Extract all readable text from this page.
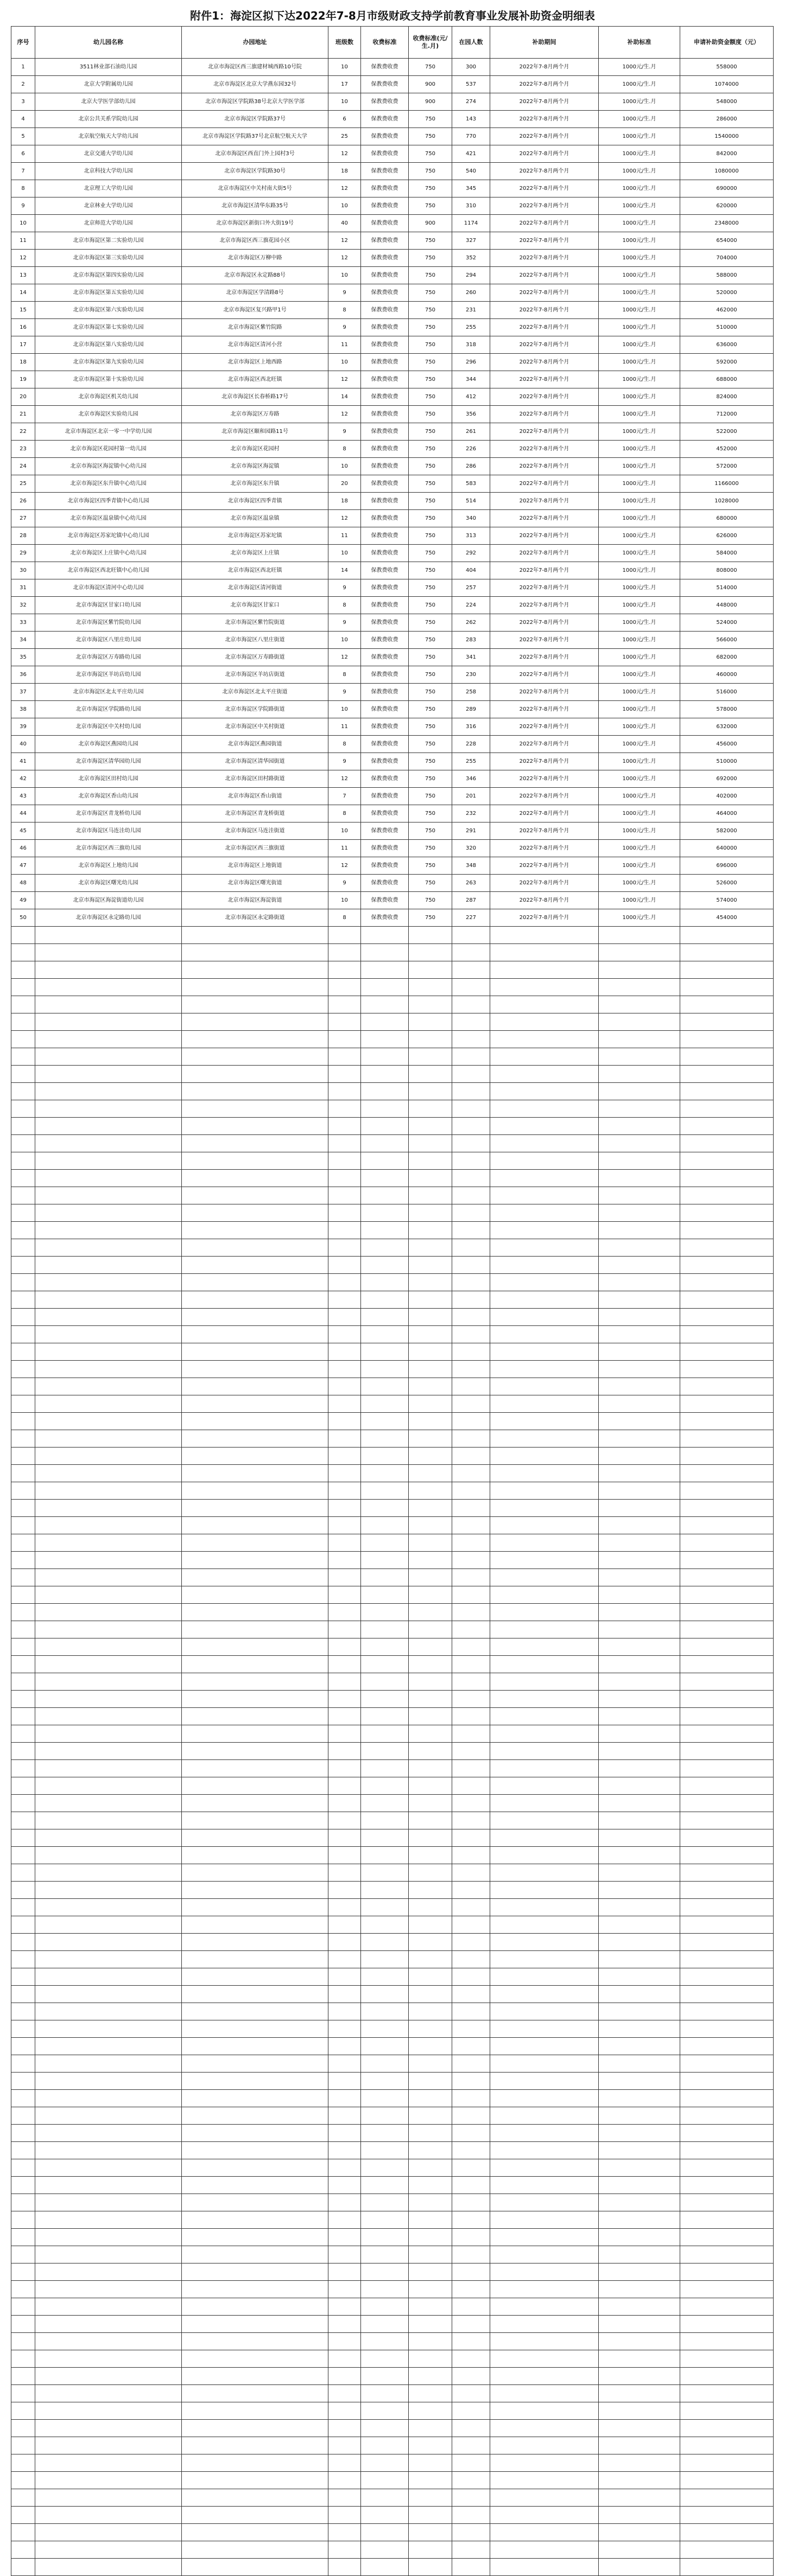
附件1：海淀区拟下达2022年7-8月市级财政支持学前教育事业发展补助资金明细表
序号	幼儿园名称	办园地址	班级数	收费标准	收费标准(元/生.月)	在园人数	补助期间	补助标准	申请补助资金额度（元）
1	3511林业部石油幼儿园	北京市海淀区西三旗建材城西路10号院	10	保教费收费	750	300	2022年7-8月两个月	1000元/生.月	558000
2	北京大学附属幼儿园	北京市海淀区北京大学燕东园32号	17	保教费收费	900	537	2022年7-8月两个月	1000元/生.月	1074000
3	北京大学医学部幼儿园	北京市海淀区学院路38号北京大学医学部	10	保教费收费	900	274	2022年7-8月两个月	1000元/生.月	548000
4	北京公共关系学院幼儿园	北京市海淀区学院路37号	6	保教费收费	750	143	2022年7-8月两个月	1000元/生.月	286000
5	北京航空航天大学幼儿园	北京市海淀区学院路37号北京航空航天大学	25	保教费收费	750	770	2022年7-8月两个月	1000元/生.月	1540000
6	北京交通大学幼儿园	北京市海淀区西直门外上园村3号	12	保教费收费	750	421	2022年7-8月两个月	1000元/生.月	842000
7	北京科技大学幼儿园	北京市海淀区学院路30号	18	保教费收费	750	540	2022年7-8月两个月	1000元/生.月	1080000
8	北京理工大学幼儿园	北京市海淀区中关村南大街5号	12	保教费收费	750	345	2022年7-8月两个月	1000元/生.月	690000
9	北京林业大学幼儿园	北京市海淀区清华东路35号	10	保教费收费	750	310	2022年7-8月两个月	1000元/生.月	620000
10	北京师范大学幼儿园	北京市海淀区新街口外大街19号	40	保教费收费	900	1174	2022年7-8月两个月	1000元/生.月	2348000
11	北京市海淀区第二实验幼儿园	北京市海淀区西三旗花园小区	12	保教费收费	750	327	2022年7-8月两个月	1000元/生.月	654000
12	北京市海淀区第三实验幼儿园	北京市海淀区万柳中路	12	保教费收费	750	352	2022年7-8月两个月	1000元/生.月	704000
13	北京市海淀区第四实验幼儿园	北京市海淀区永定路88号	10	保教费收费	750	294	2022年7-8月两个月	1000元/生.月	588000
14	北京市海淀区第五实验幼儿园	北京市海淀区学清路8号	9	保教费收费	750	260	2022年7-8月两个月	1000元/生.月	520000
15	北京市海淀区第六实验幼儿园	北京市海淀区复兴路甲1号	8	保教费收费	750	231	2022年7-8月两个月	1000元/生.月	462000
16	北京市海淀区第七实验幼儿园	北京市海淀区紫竹院路	9	保教费收费	750	255	2022年7-8月两个月	1000元/生.月	510000
17	北京市海淀区第八实验幼儿园	北京市海淀区清河小营	11	保教费收费	750	318	2022年7-8月两个月	1000元/生.月	636000
18	北京市海淀区第九实验幼儿园	北京市海淀区上地西路	10	保教费收费	750	296	2022年7-8月两个月	1000元/生.月	592000
19	北京市海淀区第十实验幼儿园	北京市海淀区西北旺镇	12	保教费收费	750	344	2022年7-8月两个月	1000元/生.月	688000
20	北京市海淀区机关幼儿园	北京市海淀区长春桥路17号	14	保教费收费	750	412	2022年7-8月两个月	1000元/生.月	824000
21	北京市海淀区实验幼儿园	北京市海淀区万寿路	12	保教费收费	750	356	2022年7-8月两个月	1000元/生.月	712000
22	北京市海淀区北京一零一中学幼儿园	北京市海淀区颐和园路11号	9	保教费收费	750	261	2022年7-8月两个月	1000元/生.月	522000
23	北京市海淀区花园村第一幼儿园	北京市海淀区花园村	8	保教费收费	750	226	2022年7-8月两个月	1000元/生.月	452000
24	北京市海淀区海淀镇中心幼儿园	北京市海淀区海淀镇	10	保教费收费	750	286	2022年7-8月两个月	1000元/生.月	572000
25	北京市海淀区东升镇中心幼儿园	北京市海淀区东升镇	20	保教费收费	750	583	2022年7-8月两个月	1000元/生.月	1166000
26	北京市海淀区四季青镇中心幼儿园	北京市海淀区四季青镇	18	保教费收费	750	514	2022年7-8月两个月	1000元/生.月	1028000
27	北京市海淀区温泉镇中心幼儿园	北京市海淀区温泉镇	12	保教费收费	750	340	2022年7-8月两个月	1000元/生.月	680000
28	北京市海淀区苏家坨镇中心幼儿园	北京市海淀区苏家坨镇	11	保教费收费	750	313	2022年7-8月两个月	1000元/生.月	626000
29	北京市海淀区上庄镇中心幼儿园	北京市海淀区上庄镇	10	保教费收费	750	292	2022年7-8月两个月	1000元/生.月	584000
30	北京市海淀区西北旺镇中心幼儿园	北京市海淀区西北旺镇	14	保教费收费	750	404	2022年7-8月两个月	1000元/生.月	808000
31	北京市海淀区清河中心幼儿园	北京市海淀区清河街道	9	保教费收费	750	257	2022年7-8月两个月	1000元/生.月	514000
32	北京市海淀区甘家口幼儿园	北京市海淀区甘家口	8	保教费收费	750	224	2022年7-8月两个月	1000元/生.月	448000
33	北京市海淀区紫竹院幼儿园	北京市海淀区紫竹院街道	9	保教费收费	750	262	2022年7-8月两个月	1000元/生.月	524000
34	北京市海淀区八里庄幼儿园	北京市海淀区八里庄街道	10	保教费收费	750	283	2022年7-8月两个月	1000元/生.月	566000
35	北京市海淀区万寿路幼儿园	北京市海淀区万寿路街道	12	保教费收费	750	341	2022年7-8月两个月	1000元/生.月	682000
36	北京市海淀区羊坊店幼儿园	北京市海淀区羊坊店街道	8	保教费收费	750	230	2022年7-8月两个月	1000元/生.月	460000
37	北京市海淀区北太平庄幼儿园	北京市海淀区北太平庄街道	9	保教费收费	750	258	2022年7-8月两个月	1000元/生.月	516000
38	北京市海淀区学院路幼儿园	北京市海淀区学院路街道	10	保教费收费	750	289	2022年7-8月两个月	1000元/生.月	578000
39	北京市海淀区中关村幼儿园	北京市海淀区中关村街道	11	保教费收费	750	316	2022年7-8月两个月	1000元/生.月	632000
40	北京市海淀区燕园幼儿园	北京市海淀区燕园街道	8	保教费收费	750	228	2022年7-8月两个月	1000元/生.月	456000
41	北京市海淀区清华园幼儿园	北京市海淀区清华园街道	9	保教费收费	750	255	2022年7-8月两个月	1000元/生.月	510000
42	北京市海淀区田村幼儿园	北京市海淀区田村路街道	12	保教费收费	750	346	2022年7-8月两个月	1000元/生.月	692000
43	北京市海淀区香山幼儿园	北京市海淀区香山街道	7	保教费收费	750	201	2022年7-8月两个月	1000元/生.月	402000
44	北京市海淀区青龙桥幼儿园	北京市海淀区青龙桥街道	8	保教费收费	750	232	2022年7-8月两个月	1000元/生.月	464000
45	北京市海淀区马连洼幼儿园	北京市海淀区马连洼街道	10	保教费收费	750	291	2022年7-8月两个月	1000元/生.月	582000
46	北京市海淀区西三旗幼儿园	北京市海淀区西三旗街道	11	保教费收费	750	320	2022年7-8月两个月	1000元/生.月	640000
47	北京市海淀区上地幼儿园	北京市海淀区上地街道	12	保教费收费	750	348	2022年7-8月两个月	1000元/生.月	696000
48	北京市海淀区曙光幼儿园	北京市海淀区曙光街道	9	保教费收费	750	263	2022年7-8月两个月	1000元/生.月	526000
49	北京市海淀区海淀街道幼儿园	北京市海淀区海淀街道	10	保教费收费	750	287	2022年7-8月两个月	1000元/生.月	574000
50	北京市海淀区永定路幼儿园	北京市海淀区永定路街道	8	保教费收费	750	227	2022年7-8月两个月	1000元/生.月	454000
